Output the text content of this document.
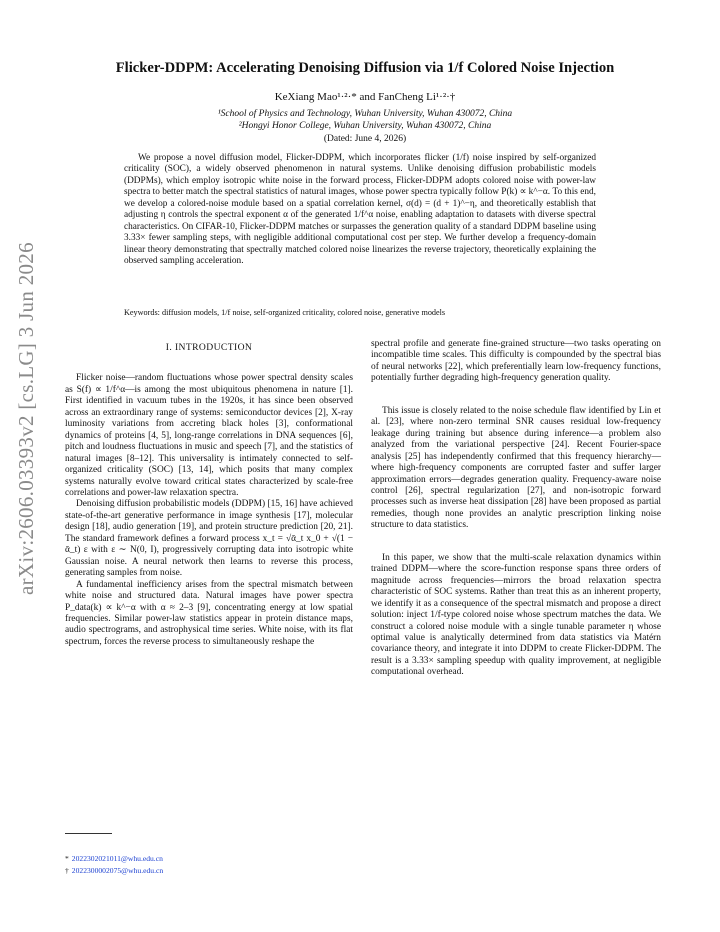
arXiv:2606.03393v2 [cs.LG] 3 Jun 2026
Flicker-DDPM: Accelerating Denoising Diffusion via 1/f Colored Noise Injection
KeXiang Mao¹·²·* and FanCheng Li¹·²·†
¹School of Physics and Technology, Wuhan University, Wuhan 430072, China
²Hongyi Honor College, Wuhan University, Wuhan 430072, China
(Dated: June 4, 2026)
We propose a novel diffusion model, Flicker-DDPM, which incorporates flicker (1/f) noise inspired by self-organized criticality (SOC), a widely observed phenomenon in natural systems. Unlike denoising diffusion probabilistic models (DDPMs), which employ isotropic white noise in the forward process, Flicker-DDPM adopts colored noise with power-law spectra to better match the spectral statistics of natural images, whose power spectra typically follow P(k) ∝ k^−α. To this end, we develop a colored-noise module based on a spatial correlation kernel, σ(d) = (d + 1)^−η, and theoretically establish that adjusting η controls the spectral exponent α of the generated 1/f^α noise, enabling adaptation to datasets with diverse spectral characteristics. On CIFAR-10, Flicker-DDPM matches or surpasses the generation quality of a standard DDPM baseline using 3.33× fewer sampling steps, with negligible additional computational cost per step. We further develop a frequency-domain linear theory demonstrating that spectrally matched colored noise linearizes the reverse trajectory, theoretically explaining the observed sampling acceleration.
Keywords: diffusion models, 1/f noise, self-organized criticality, colored noise, generative models
I. INTRODUCTION

Flicker noise—random fluctuations whose power spectral density scales as S(f) ∝ 1/f^α—is among the most ubiquitous phenomena in nature [1]. First identified in vacuum tubes in the 1920s, it has since been observed across an extraordinary range of systems: semiconductor devices [2], X-ray luminosity variations from accreting black holes [3], conformational dynamics of proteins [4, 5], long-range correlations in DNA sequences [6], pitch and loudness fluctuations in music and speech [7], and the statistics of natural images [8–12]. This universality is intimately connected to self-organized criticality (SOC) [13, 14], which posits that many complex systems naturally evolve toward critical states characterized by scale-free correlations and power-law relaxation spectra.

Denoising diffusion probabilistic models (DDPM) [15, 16] have achieved state-of-the-art generative performance in image synthesis [17], molecular design [18], audio generation [19], and protein structure prediction [20, 21]. The standard framework defines a forward process x_t = √ᾱ_t x_0 + √(1 − ᾱ_t) ε with ε ∼ N(0, I), progressively corrupting data into isotropic white Gaussian noise. A neural network then learns to reverse this process, generating samples from noise.

A fundamental inefficiency arises from the spectral mismatch between white noise and structured data. Natural images have power spectra P_data(k) ∝ k^−α with α ≈ 2–3 [9], concentrating energy at low spatial frequencies. Similar power-law statistics appear in protein distance maps, audio spectrograms, and astrophysical time series. White noise, with its flat spectrum, forces the reverse process to simultaneously reshape the

spectral profile and generate fine-grained structure—two tasks operating on incompatible time scales. This difficulty is compounded by the spectral bias of neural networks [22], which preferentially learn low-frequency functions, potentially further degrading high-frequency generation quality.

This issue is closely related to the noise schedule flaw identified by Lin et al. [23], where non-zero terminal SNR causes residual low-frequency leakage during training but absence during inference—a problem also analyzed from the variational perspective [24]. Recent Fourier-space analysis [25] has independently confirmed that this frequency hierarchy—where high-frequency components are corrupted faster and suffer larger approximation errors—degrades generation quality. Frequency-aware noise control [26], spectral regularization [27], and non-isotropic forward processes such as inverse heat dissipation [28] have been proposed as partial remedies, though none provides an analytic prescription linking noise structure to data statistics.

In this paper, we show that the multi-scale relaxation dynamics within trained DDPM—where the score-function response spans three orders of magnitude across frequencies—mirrors the broad relaxation spectra characteristic of SOC systems. Rather than treat this as an inherent property, we identify it as a consequence of the spectral mismatch and propose a direct solution: inject 1/f-type colored noise whose spectrum matches the data. We construct a colored noise module with a single tunable parameter η whose optimal value is analytically determined from data statistics via Matérn covariance theory, and integrate it into DDPM to create Flicker-DDPM. The result is a 3.33× sampling speedup with quality improvement, at negligible computational overhead.

* 2022302021011@whu.edu.cn
† 2022300002075@whu.edu.cn
